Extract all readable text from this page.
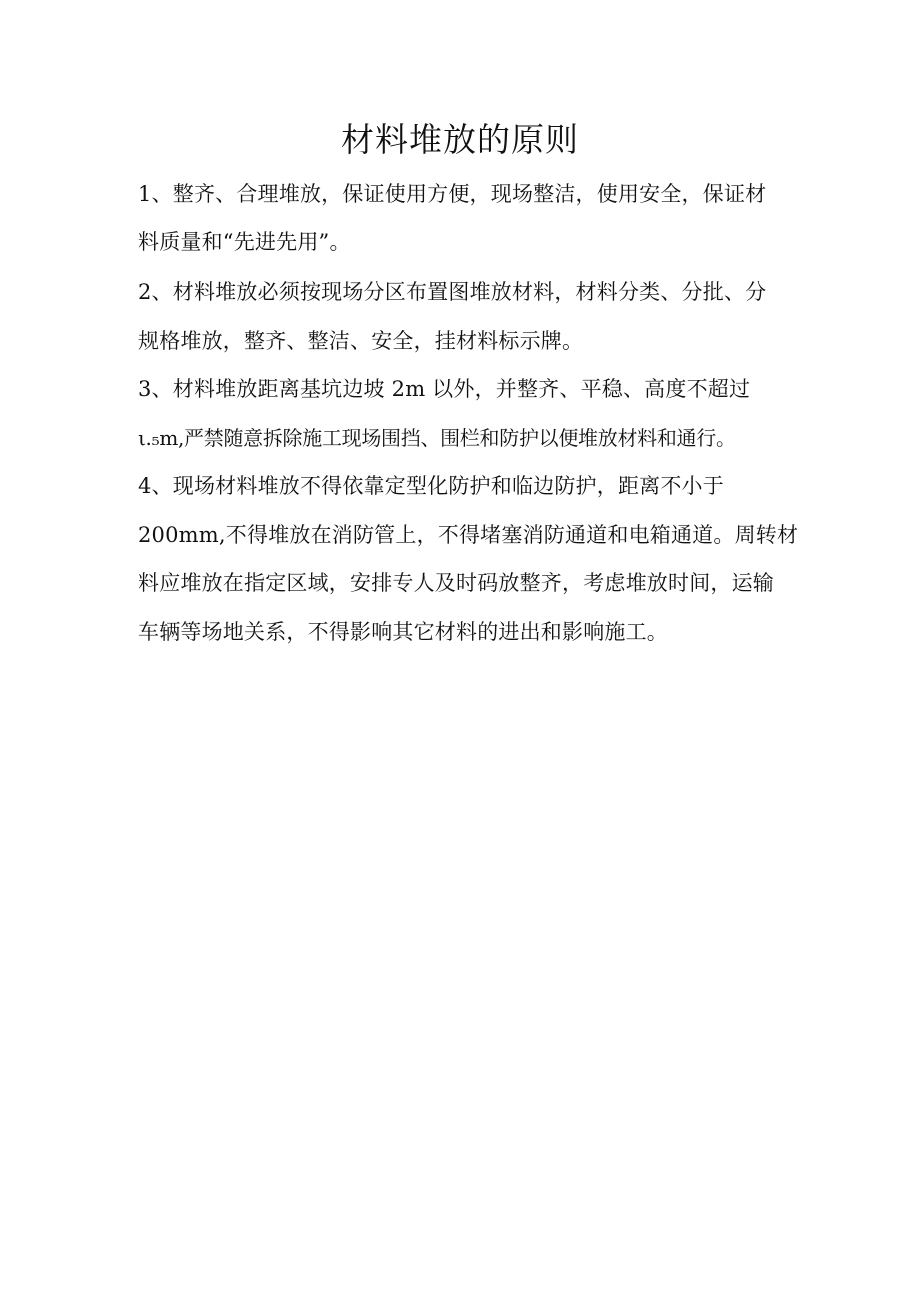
材料堆放的原则
1、整齐、合理堆放，保证使用方便，现场整洁，使用安全，保证材
料质量和“先进先用”。
2、材料堆放必须按现场分区布置图堆放材料，材料分类、分批、分
规格堆放，整齐、整洁、安全，挂材料标示牌。
3、材料堆放距离基坑边坡 2m 以外，并整齐、平稳、高度不超过
ι.₅m,严禁随意拆除施工现场围挡、围栏和防护以便堆放材料和通行。
4、现场材料堆放不得依靠定型化防护和临边防护，距离不小于
200mm,不得堆放在消防管上，不得堵塞消防通道和电箱通道。周转材
料应堆放在指定区域，安排专人及时码放整齐，考虑堆放时间，运输
车辆等场地关系，不得影响其它材料的进出和影响施工。
